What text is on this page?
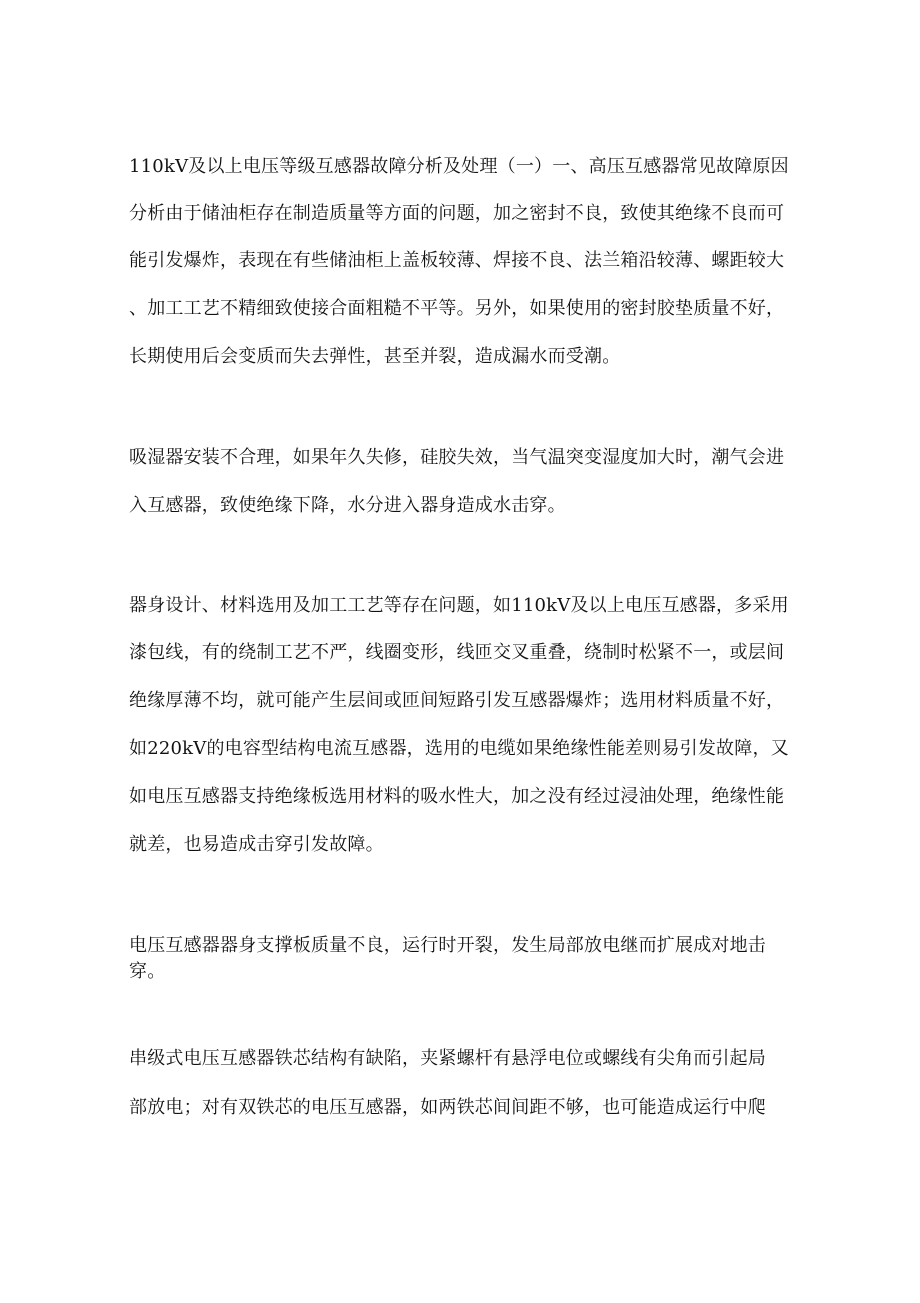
110kV及以上电压等级互感器故障分析及处理（一）一、高压互感器常见故障原因
分析由于储油柜存在制造质量等方面的问题，加之密封不良，致使其绝缘不良而可
能引发爆炸，表现在有些储油柜上盖板较薄、焊接不良、法兰箱沿较薄、螺距较大
、加工工艺不精细致使接合面粗糙不平等。另外，如果使用的密封胶垫质量不好，
长期使用后会变质而失去弹性，甚至并裂，造成漏水而受潮。
吸湿器安装不合理，如果年久失修，硅胶失效，当气温突变湿度加大时，潮气会进
入互感器，致使绝缘下降，水分进入器身造成水击穿。
器身设计、材料选用及加工工艺等存在问题，如110kV及以上电压互感器，多采用
漆包线，有的绕制工艺不严，线圈变形，线匝交叉重叠，绕制时松紧不一，或层间
绝缘厚薄不均，就可能产生层间或匝间短路引发互感器爆炸；选用材料质量不好，
如220kV的电容型结构电流互感器，选用的电缆如果绝缘性能差则易引发故障，又
如电压互感器支持绝缘板选用材料的吸水性大，加之没有经过浸油处理，绝缘性能
就差，也易造成击穿引发故障。
电压互感器器身支撑板质量不良，运行时开裂，发生局部放电继而扩展成对地击
穿。
串级式电压互感器铁芯结构有缺陷，夹紧螺杆有悬浮电位或螺线有尖角而引起局
部放电；对有双铁芯的电压互感器，如两铁芯间间距不够，也可能造成运行中爬
